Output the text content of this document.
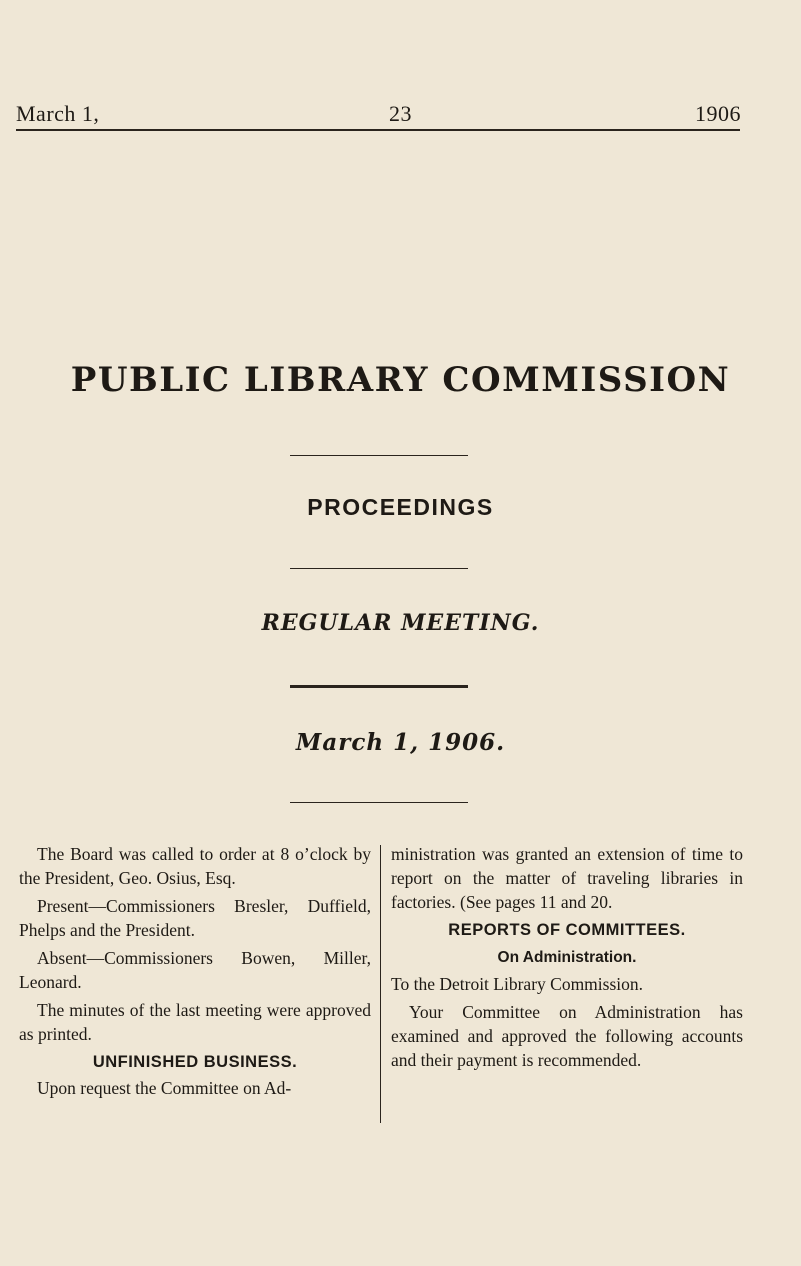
March 1,	23	1906
PUBLIC LIBRARY COMMISSION
PROCEEDINGS
REGULAR MEETING.
March 1, 1906.

The Board was called to order at 8 o’clock by the President, Geo. Osius, Esq.

Present—Commissioners Bresler, Duffield, Phelps and the President.

Absent—Commissioners Bowen, Miller, Leonard.

The minutes of the last meeting were approved as printed.

UNFINISHED BUSINESS.

Upon request the Committee on Ad-

ministration was granted an extension of time to report on the matter of traveling libraries in factories. (See pages 11 and 20.

REPORTS OF COMMITTEES.
On Administration.

To the Detroit Library Commission.

Your Committee on Administration has examined and approved the following accounts and their payment is recommended.
